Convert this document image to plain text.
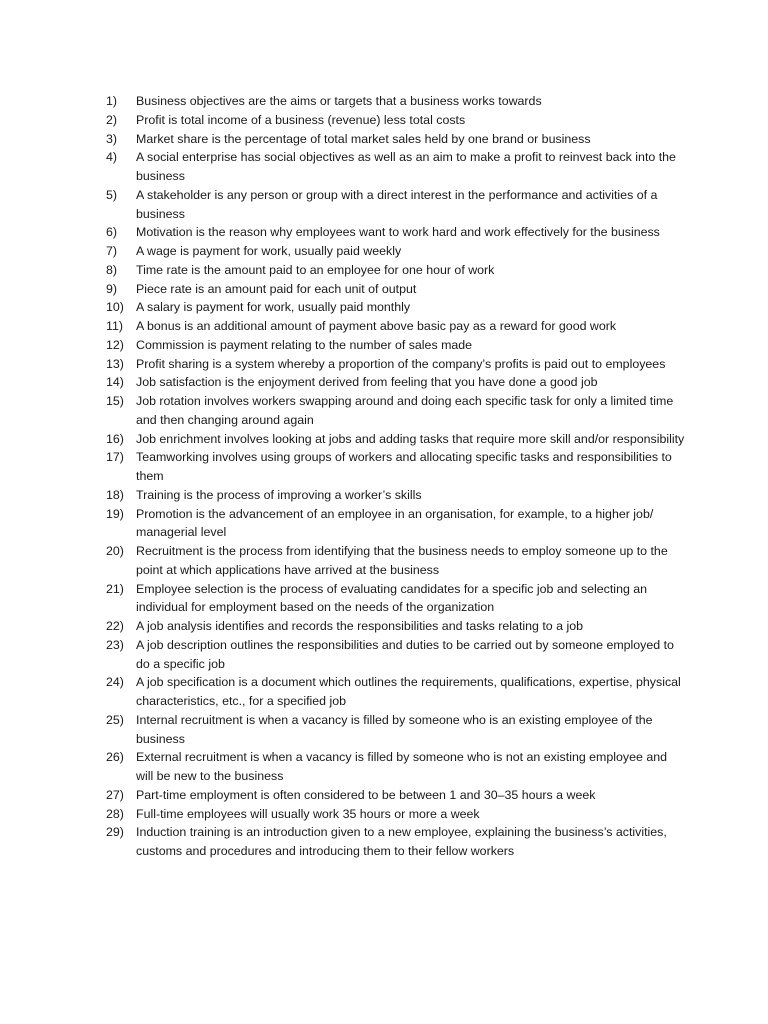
1)	Business objectives are the aims or targets that a business works towards
2)	Profit is total income of a business (revenue) less total costs
3)	Market share is the percentage of total market sales held by one brand or business
4)	A social enterprise has social objectives as well as an aim to make a profit to reinvest back into the business
5)	A stakeholder is any person or group with a direct interest in the performance and activities of a business
6)	Motivation is the reason why employees want to work hard and work effectively for the business
7)	A wage is payment for work, usually paid weekly
8)	Time rate is the amount paid to an employee for one hour of work
9)	Piece rate is an amount paid for each unit of output
10) A salary is payment for work, usually paid monthly
11)	A bonus is an additional amount of payment above basic pay as a reward for good work
12) Commission is payment relating to the number of sales made
13) Profit sharing is a system whereby a proportion of the company’s profits is paid out to employees
14) Job satisfaction is the enjoyment derived from feeling that you have done a good job
15) Job rotation involves workers swapping around and doing each specific task for only a limited time and then changing around again
16) Job enrichment involves looking at jobs and adding tasks that require more skill and/or responsibility
17) Teamworking involves using groups of workers and allocating specific tasks and responsibilities to them
18) Training is the process of improving a worker’s skills
19) Promotion is the advancement of an employee in an organisation, for example, to a higher job/ managerial level
20) Recruitment is the process from identifying that the business needs to employ someone up to the point at which applications have arrived at the business
21) Employee selection is the process of evaluating candidates for a specific job and selecting an individual for employment based on the needs of the organization
22) A job analysis identifies and records the responsibilities and tasks relating to a job
23) A job description outlines the responsibilities and duties to be carried out by someone employed to do a specific job
24) A job specification is a document which outlines the requirements, qualifications, expertise, physical characteristics, etc., for a specified job
25) Internal recruitment is when a vacancy is filled by someone who is an existing employee of the business
26) External recruitment is when a vacancy is filled by someone who is not an existing employee and will be new to the business
27) Part-time employment is often considered to be between 1 and 30–35 hours a week
28) Full-time employees will usually work 35 hours or more a week
29) Induction training is an introduction given to a new employee, explaining the business’s activities, customs and procedures and introducing them to their fellow workers
